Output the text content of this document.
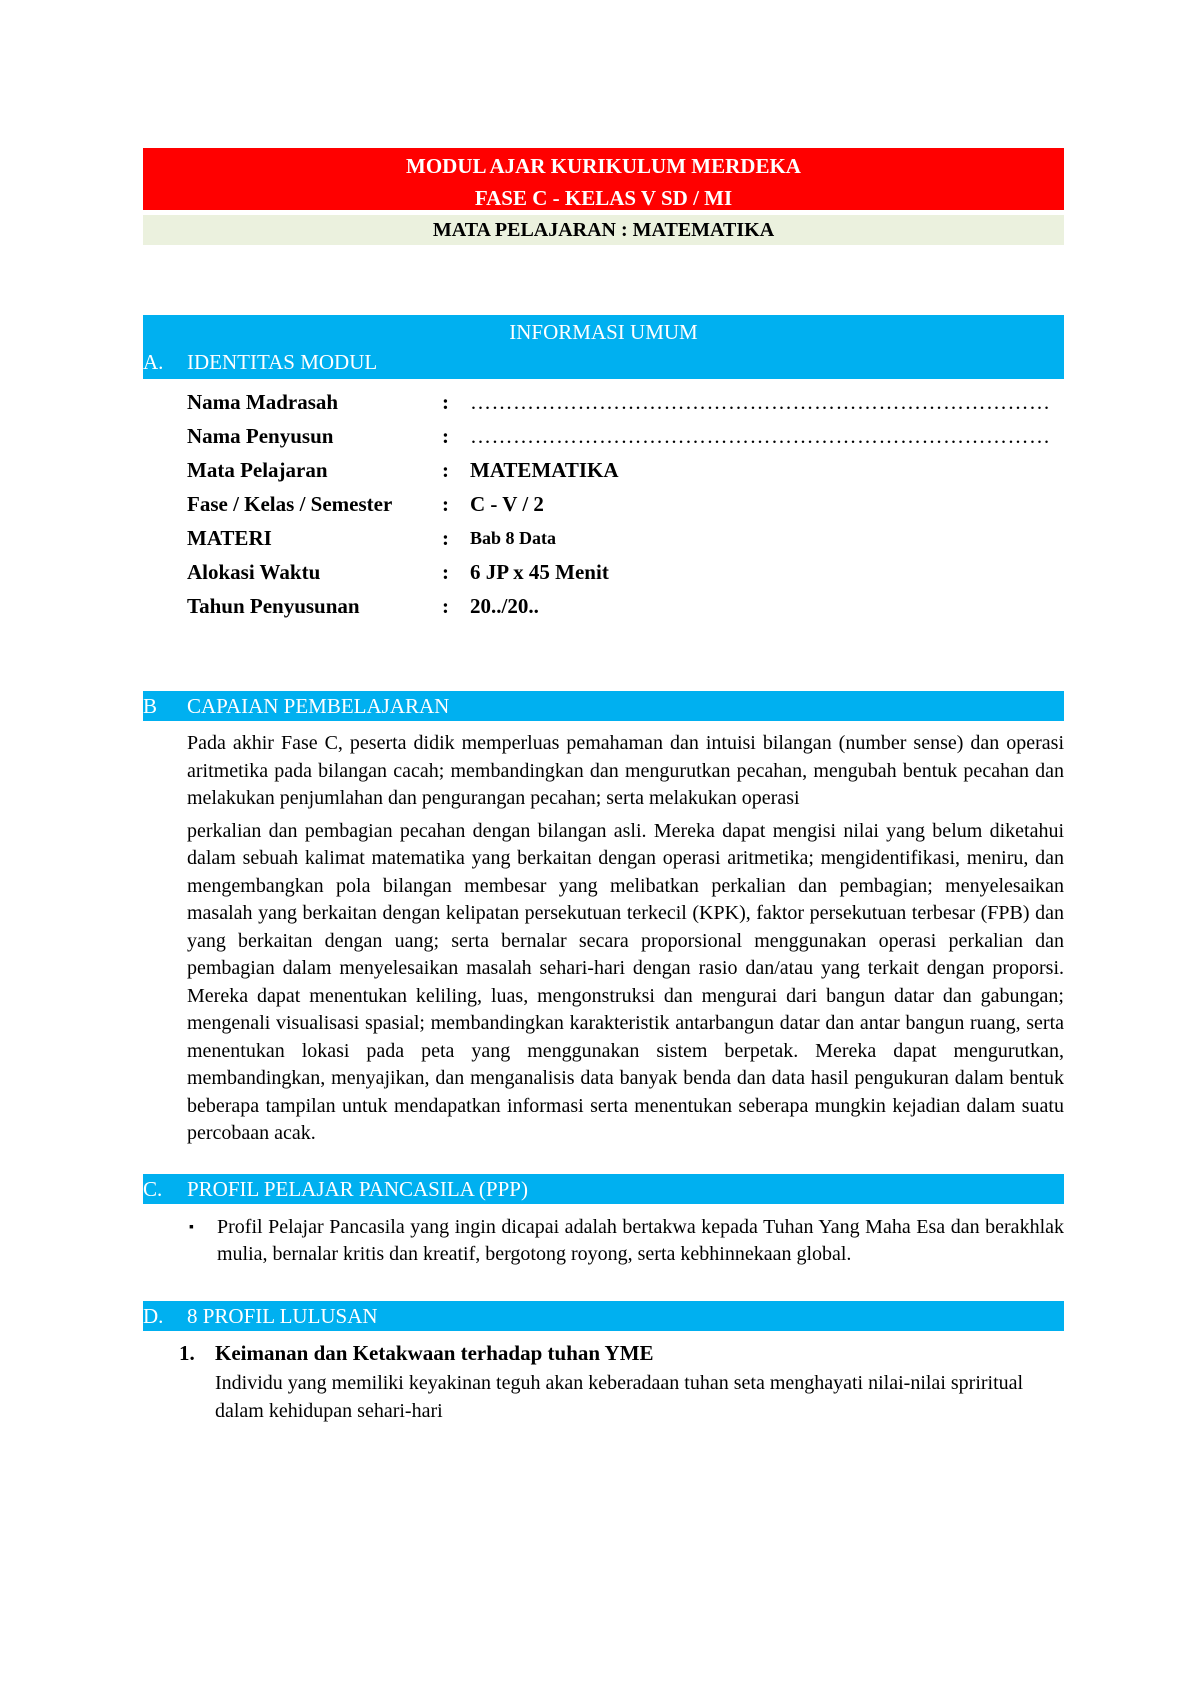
MODUL AJAR KURIKULUM MERDEKA
FASE C - KELAS V SD / MI
MATA PELAJARAN : MATEMATIKA
INFORMASI UMUM
A. IDENTITAS MODUL
Nama Madrasah	:	………………………………………………………………………
Nama Penyusun	:	………………………………………………………………………
Mata Pelajaran	:	MATEMATIKA
Fase / Kelas / Semester	:	C - V / 2
MATERI	:	Bab 8 Data
Alokasi Waktu	:	6 JP x 45 Menit
Tahun Penyusunan	:	20../20..
B CAPAIAN PEMBELAJARAN
Pada akhir Fase C, peserta didik memperluas pemahaman dan intuisi bilangan (number sense) dan operasi aritmetika pada bilangan cacah; membandingkan dan mengurutkan pecahan, mengubah bentuk pecahan dan melakukan penjumlahan dan pengurangan pecahan; serta melakukan operasi
perkalian dan pembagian pecahan dengan bilangan asli. Mereka dapat mengisi nilai yang belum diketahui dalam sebuah kalimat matematika yang berkaitan dengan operasi aritmetika; mengidentifikasi, meniru, dan mengembangkan pola bilangan membesar yang melibatkan perkalian dan pembagian; menyelesaikan masalah yang berkaitan dengan kelipatan persekutuan terkecil (KPK), faktor persekutuan terbesar (FPB) dan yang berkaitan dengan uang; serta bernalar secara proporsional menggunakan operasi perkalian dan pembagian dalam menyelesaikan masalah sehari-hari dengan rasio dan/atau yang terkait dengan proporsi. Mereka dapat menentukan keliling, luas, mengonstruksi dan mengurai dari bangun datar dan gabungan; mengenali visualisasi spasial; membandingkan karakteristik antarbangun datar dan antar bangun ruang, serta menentukan lokasi pada peta yang menggunakan sistem berpetak. Mereka dapat mengurutkan, membandingkan, menyajikan, dan menganalisis data banyak benda dan data hasil pengukuran dalam bentuk beberapa tampilan untuk mendapatkan informasi serta menentukan seberapa mungkin kejadian dalam suatu percobaan acak.
C. PROFIL PELAJAR PANCASILA (PPP)
▪	Profil Pelajar Pancasila yang ingin dicapai adalah bertakwa kepada Tuhan Yang Maha Esa dan berakhlak mulia, bernalar kritis dan kreatif, bergotong royong, serta kebhinnekaan global.
D. 8 PROFIL LULUSAN
1. Keimanan dan Ketakwaan terhadap tuhan YME
Individu yang memiliki keyakinan teguh akan keberadaan tuhan seta menghayati nilai-nilai spriritual dalam kehidupan sehari-hari
